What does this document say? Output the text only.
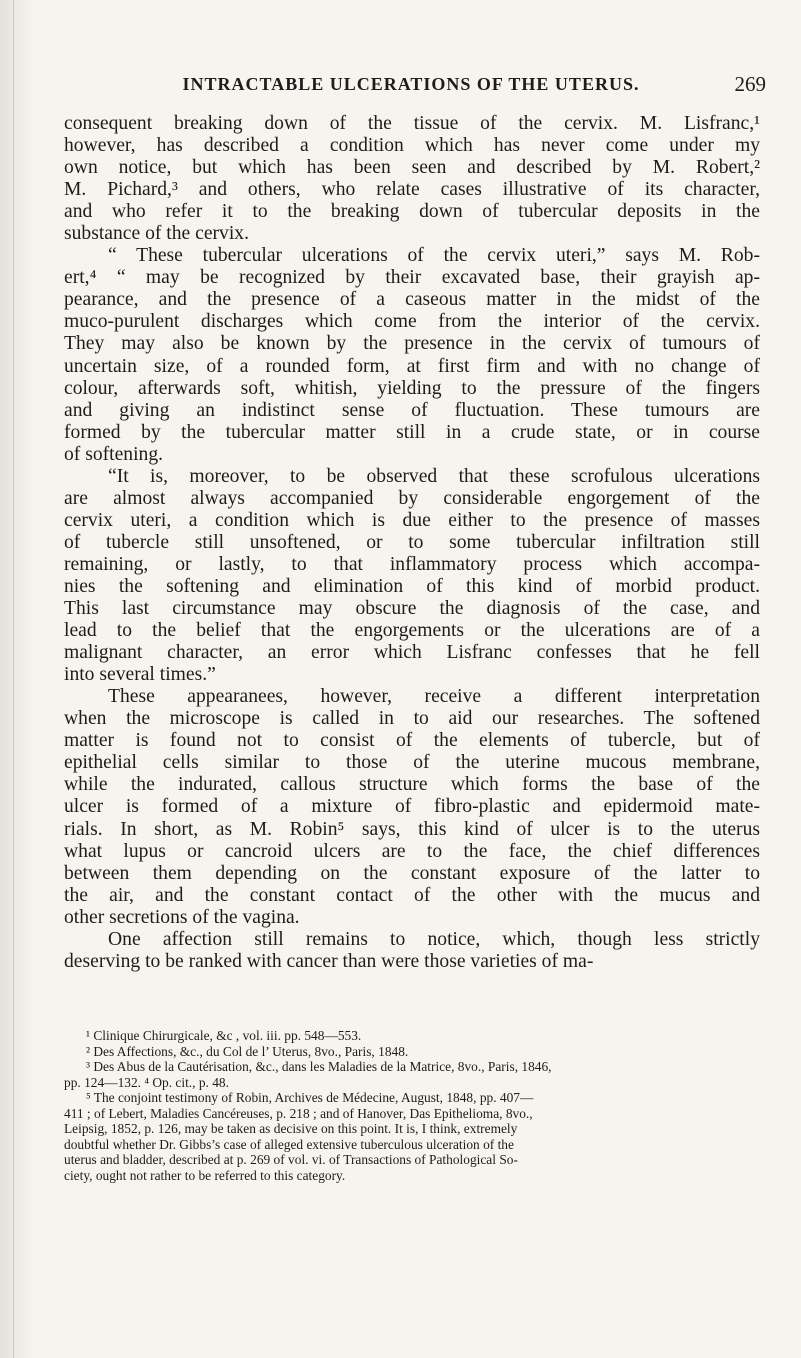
INTRACTABLE ULCERATIONS OF THE UTERUS.	269

consequent breaking down of the tissue of the cervix. M. Lisfranc,¹
however, has described a condition which has never come under my
own notice, but which has been seen and described by M. Robert,²
M. Pichard,³ and others, who relate cases illustrative of its character,
and who refer it to the breaking down of tubercular deposits in the
substance of the cervix.

“ These tubercular ulcerations of the cervix uteri,” says M. Rob-
ert,⁴ “ may be recognized by their excavated base, their grayish ap-
pearance, and the presence of a caseous matter in the midst of the
muco-purulent discharges which come from the interior of the cervix.
They may also be known by the presence in the cervix of tumours of
uncertain size, of a rounded form, at first firm and with no change of
colour, afterwards soft, whitish, yielding to the pressure of the fingers
and giving an indistinct sense of fluctuation. These tumours are
formed by the tubercular matter still in a crude state, or in course
of softening.

“It is, moreover, to be observed that these scrofulous ulcerations
are almost always accompanied by considerable engorgement of the
cervix uteri, a condition which is due either to the presence of masses
of tubercle still unsoftened, or to some tubercular infiltration still
remaining, or lastly, to that inflammatory process which accompa-
nies the softening and elimination of this kind of morbid product.
This last circumstance may obscure the diagnosis of the case, and
lead to the belief that the engorgements or the ulcerations are of a
malignant character, an error which Lisfranc confesses that he fell
into several times.”

These appearanees, however, receive a different interpretation
when the microscope is called in to aid our researches. The softened
matter is found not to consist of the elements of tubercle, but of
epithelial cells similar to those of the uterine mucous membrane,
while the indurated, callous structure which forms the base of the
ulcer is formed of a mixture of fibro-plastic and epidermoid mate-
rials. In short, as M. Robin⁵ says, this kind of ulcer is to the uterus
what lupus or cancroid ulcers are to the face, the chief differences
between them depending on the constant exposure of the latter to
the air, and the constant contact of the other with the mucus and
other secretions of the vagina.

One affection still remains to notice, which, though less strictly
deserving to be ranked with cancer than were those varieties of ma-

¹ Clinique Chirurgicale, &c , vol. iii. pp. 548—553.

² Des Affections, &c., du Col de l’ Uterus, 8vo., Paris, 1848.

³ Des Abus de la Cautérisation, &c., dans les Maladies de la Matrice, 8vo., Paris, 1846,
pp. 124—132. ⁴ Op. cit., p. 48.

⁵ The conjoint testimony of Robin, Archives de Médecine, August, 1848, pp. 407—
411 ; of Lebert, Maladies Cancéreuses, p. 218 ; and of Hanover, Das Epithelioma, 8vo.,
Leipsig, 1852, p. 126, may be taken as decisive on this point. It is, I think, extremely
doubtful whether Dr. Gibbs’s case of alleged extensive tuberculous ulceration of the
uterus and bladder, described at p. 269 of vol. vi. of Transactions of Pathological So-
ciety, ought not rather to be referred to this category.
